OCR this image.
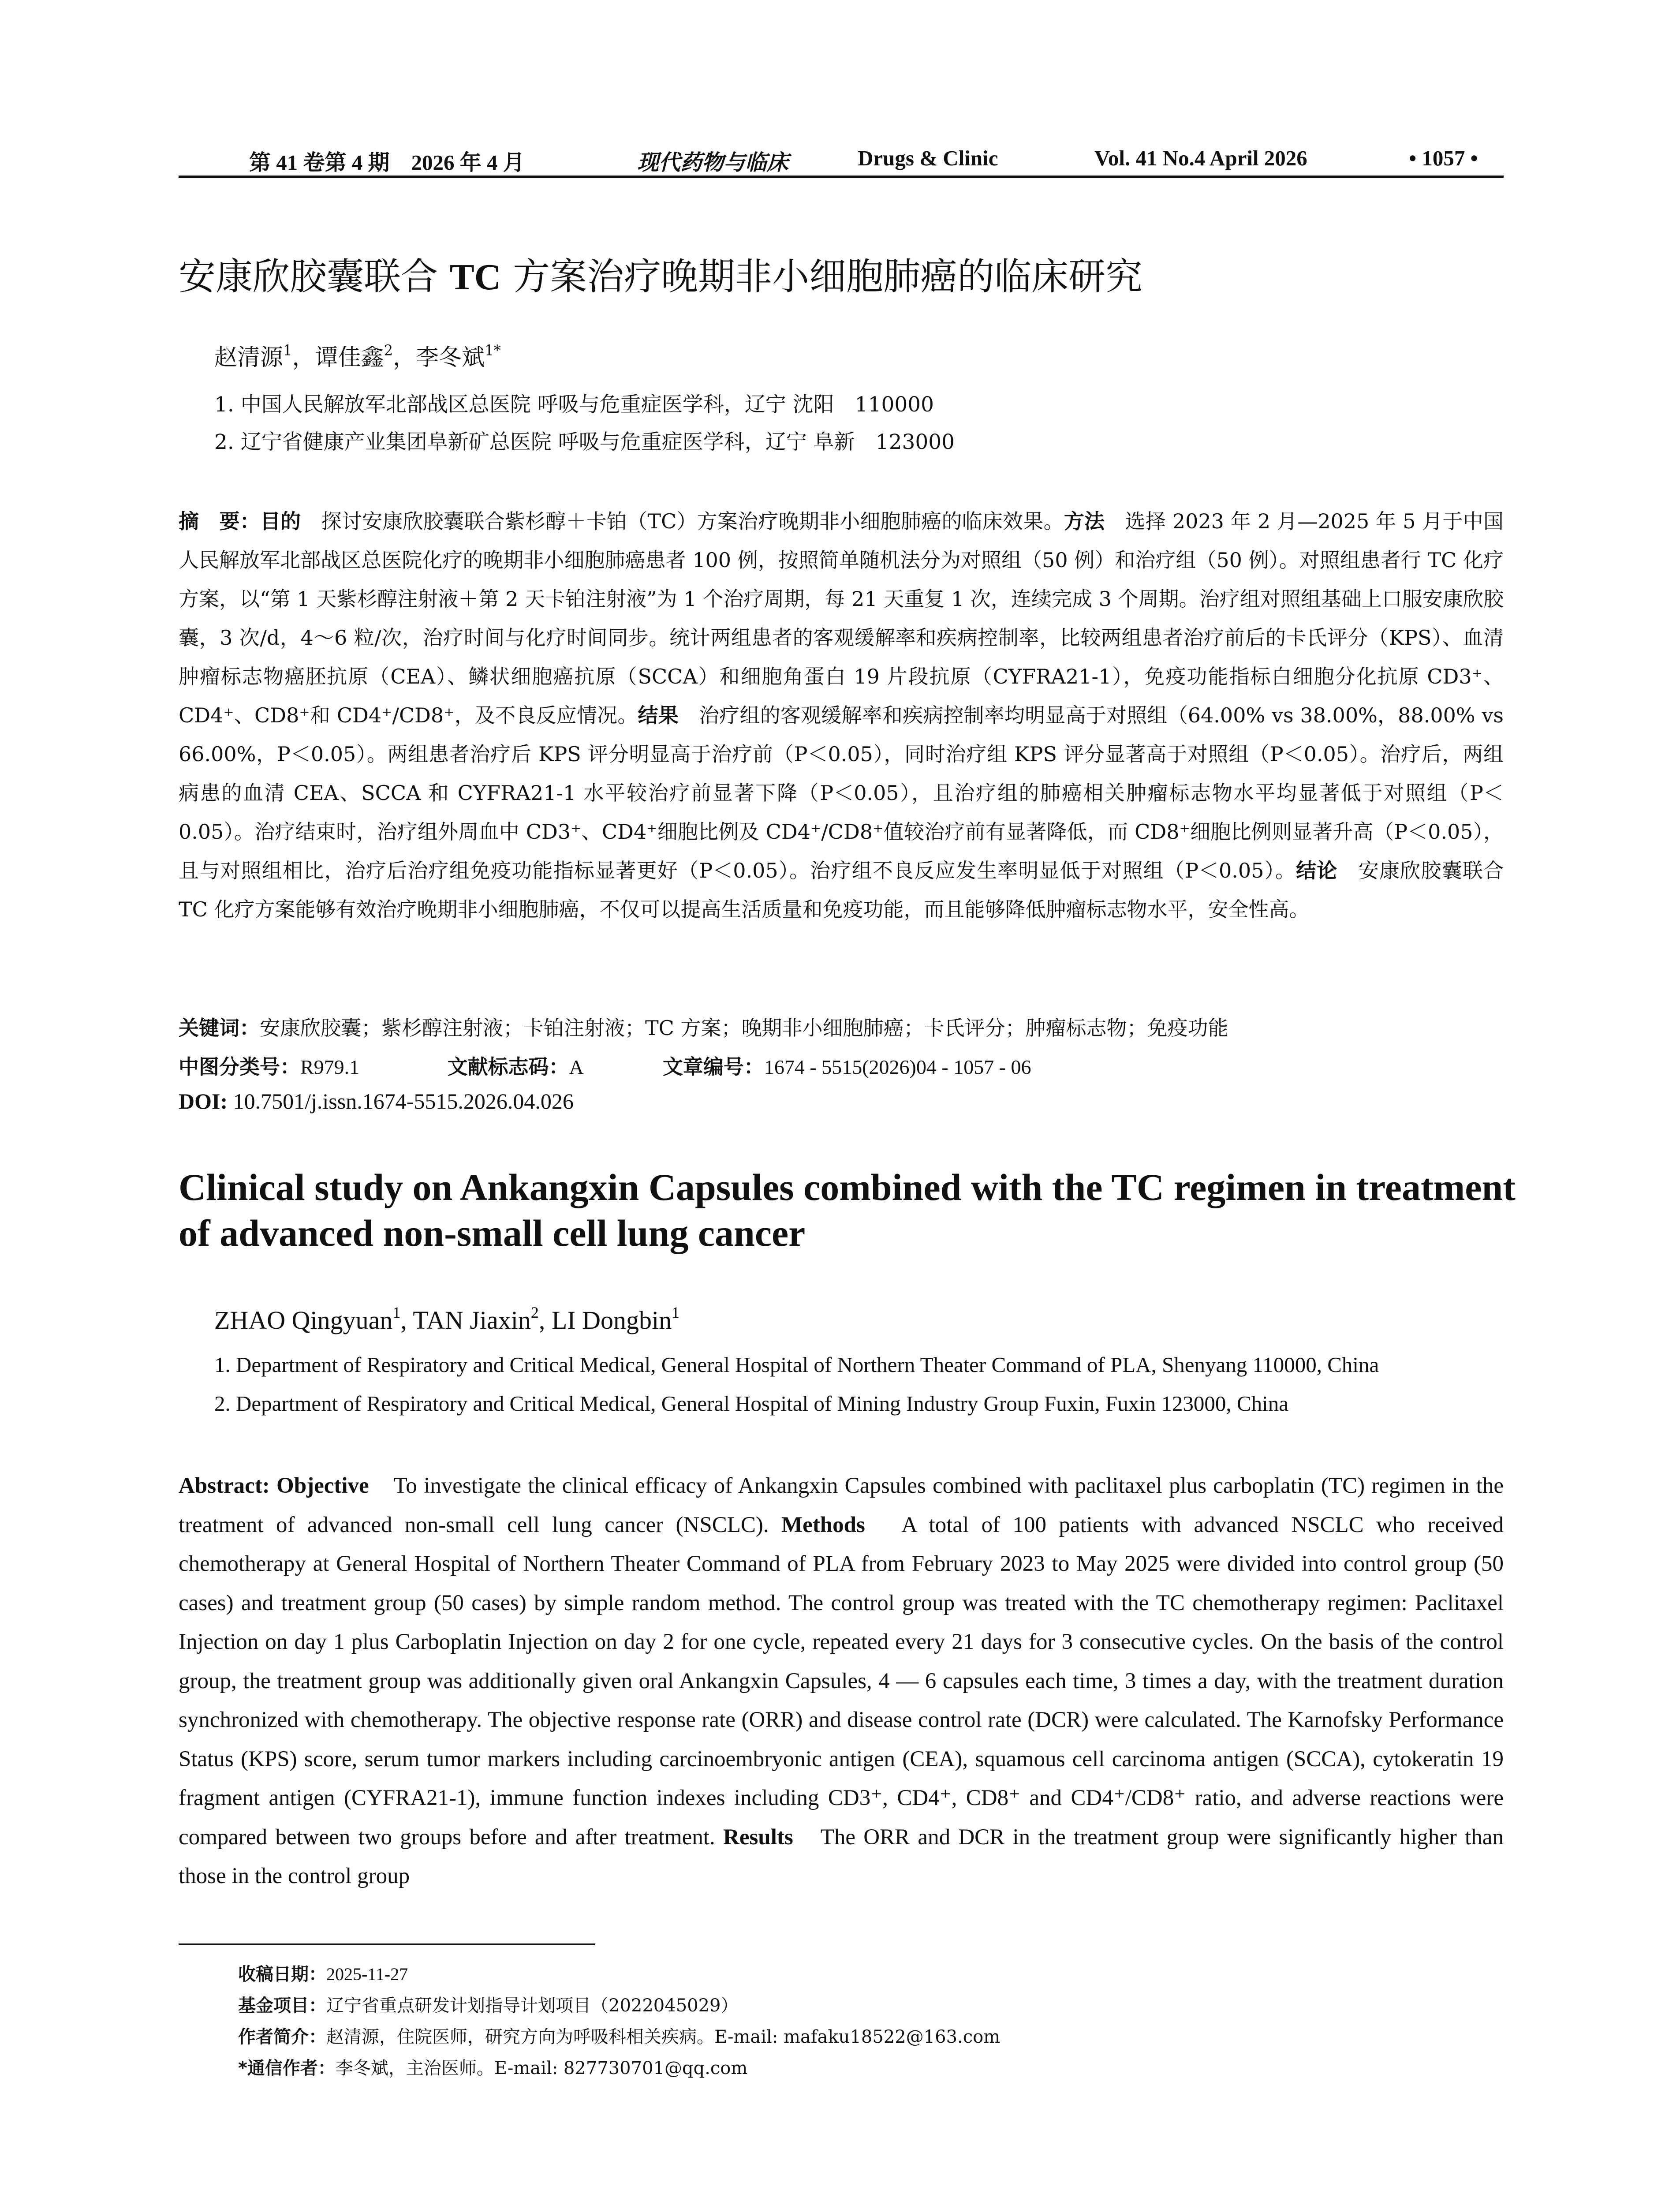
第 41 卷第 4 期　2026 年 4 月	现代药物与临床	Drugs & Clinic	Vol. 41 No.4 April 2026	• 1057 •
安康欣胶囊联合 TC 方案治疗晚期非小细胞肺癌的临床研究
赵清源$^1$，谭佳鑫$^2$，李冬斌$^{1*}$
1. 中国人民解放军北部战区总医院 呼吸与危重症医学科，辽宁 沈阳　110000
2. 辽宁省健康产业集团阜新矿总医院 呼吸与危重症医学科，辽宁 阜新　123000
摘　要：目的　探讨安康欣胶囊联合紫杉醇＋卡铂（TC）方案治疗晚期非小细胞肺癌的临床效果。方法　选择 2023 年 2 月—2025 年 5 月于中国人民解放军北部战区总医院化疗的晚期非小细胞肺癌患者 100 例，按照简单随机法分为对照组（50 例）和治疗组（50 例）。对照组患者行 TC 化疗方案，以“第 1 天紫杉醇注射液＋第 2 天卡铂注射液”为 1 个治疗周期，每 21 天重复 1 次，连续完成 3 个周期。治疗组对照组基础上口服安康欣胶囊，3 次/d，4～6 粒/次，治疗时间与化疗时间同步。统计两组患者的客观缓解率和疾病控制率，比较两组患者治疗前后的卡氏评分（KPS）、血清肿瘤标志物癌胚抗原（CEA）、鳞状细胞癌抗原（SCCA）和细胞角蛋白 19 片段抗原（CYFRA21-1），免疫功能指标白细胞分化抗原 CD3⁺、CD4⁺、CD8⁺和 CD4⁺/CD8⁺，及不良反应情况。结果　治疗组的客观缓解率和疾病控制率均明显高于对照组（64.00% vs 38.00%，88.00% vs 66.00%，P＜0.05）。两组患者治疗后 KPS 评分明显高于治疗前（P＜0.05），同时治疗组 KPS 评分显著高于对照组（P＜0.05）。治疗后，两组病患的血清 CEA、SCCA 和 CYFRA21-1 水平较治疗前显著下降（P＜0.05），且治疗组的肺癌相关肿瘤标志物水平均显著低于对照组（P＜0.05）。治疗结束时，治疗组外周血中 CD3⁺、CD4⁺细胞比例及 CD4⁺/CD8⁺值较治疗前有显著降低，而 CD8⁺细胞比例则显著升高（P＜0.05），且与对照组相比，治疗后治疗组免疫功能指标显著更好（P＜0.05）。治疗组不良反应发生率明显低于对照组（P＜0.05）。结论　安康欣胶囊联合 TC 化疗方案能够有效治疗晚期非小细胞肺癌，不仅可以提高生活质量和免疫功能，而且能够降低肿瘤标志物水平，安全性高。
关键词：安康欣胶囊；紫杉醇注射液；卡铂注射液；TC 方案；晚期非小细胞肺癌；卡氏评分；肿瘤标志物；免疫功能
中图分类号：R979.1	文献标志码：A	文章编号：1674 - 5515(2026)04 - 1057 - 06
DOI: 10.7501/j.issn.1674-5515.2026.04.026
Clinical study on Ankangxin Capsules combined with the TC regimen in treatment of advanced non-small cell lung cancer
ZHAO Qingyuan$^1$, TAN Jiaxin$^2$, LI Dongbin$^1$
1. Department of Respiratory and Critical Medical, General Hospital of Northern Theater Command of PLA, Shenyang 110000, China
2. Department of Respiratory and Critical Medical, General Hospital of Mining Industry Group Fuxin, Fuxin 123000, China
Abstract: Objective　To investigate the clinical efficacy of Ankangxin Capsules combined with paclitaxel plus carboplatin (TC) regimen in the treatment of advanced non-small cell lung cancer (NSCLC). Methods　A total of 100 patients with advanced NSCLC who received chemotherapy at General Hospital of Northern Theater Command of PLA from February 2023 to May 2025 were divided into control group (50 cases) and treatment group (50 cases) by simple random method. The control group was treated with the TC chemotherapy regimen: Paclitaxel Injection on day 1 plus Carboplatin Injection on day 2 for one cycle, repeated every 21 days for 3 consecutive cycles. On the basis of the control group, the treatment group was additionally given oral Ankangxin Capsules, 4 — 6 capsules each time, 3 times a day, with the treatment duration synchronized with chemotherapy. The objective response rate (ORR) and disease control rate (DCR) were calculated. The Karnofsky Performance Status (KPS) score, serum tumor markers including carcinoembryonic antigen (CEA), squamous cell carcinoma antigen (SCCA), cytokeratin 19 fragment antigen (CYFRA21-1), immune function indexes including CD3⁺, CD4⁺, CD8⁺ and CD4⁺/CD8⁺ ratio, and adverse reactions were compared between two groups before and after treatment. Results　The ORR and DCR in the treatment group were significantly higher than those in the control group
收稿日期：2025-11-27
基金项目：辽宁省重点研发计划指导计划项目（2022045029）
作者简介：赵清源，住院医师，研究方向为呼吸科相关疾病。E-mail: mafaku18522@163.com
*通信作者：李冬斌，主治医师。E-mail: 827730701@qq.com
